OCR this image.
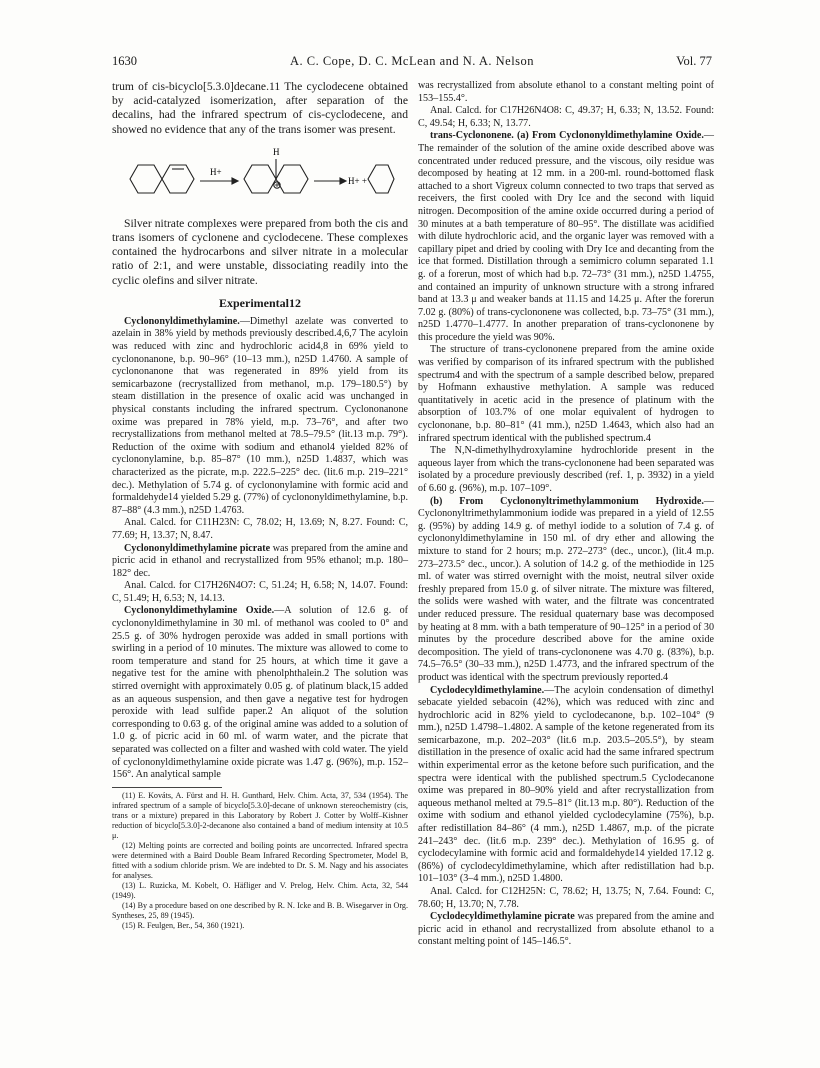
1630	A. C. Cope, D. C. McLean and N. A. Nelson	Vol. 77

trum of cis-bicyclo[5.3.0]decane.11 The cyclodecene obtained by acid-catalyzed isomerization, after separation of the decalins, had the infrared spectrum of cis-cyclodecene, and showed no evidence that any of the trans isomer was present.

H+
H
H+ +

Silver nitrate complexes were prepared from both the cis and trans isomers of cyclonene and cyclodecene. These complexes contained the hydrocarbons and silver nitrate in a molecular ratio of 2:1, and were unstable, dissociating readily into the cyclic olefins and silver nitrate.

Experimental12

Cyclononyldimethylamine.—Dimethyl azelate was converted to azelain in 38% yield by methods previously described.4,6,7 The acyloin was reduced with zinc and hydrochloric acid4,8 in 69% yield to cyclononanone, b.p. 90–96° (10–13 mm.), n25D 1.4760. A sample of cyclononanone that was regenerated in 89% yield from its semicarbazone (recrystallized from methanol, m.p. 179–180.5°) by steam distillation in the presence of oxalic acid was unchanged in physical constants including the infrared spectrum. Cyclononanone oxime was prepared in 78% yield, m.p. 73–76°, and after two recrystallizations from methanol melted at 78.5–79.5° (lit.13 m.p. 79°). Reduction of the oxime with sodium and ethanol4 yielded 82% of cyclononylamine, b.p. 85–87° (10 mm.), n25D 1.4837, which was characterized as the picrate, m.p. 222.5–225° dec. (lit.6 m.p. 219–221° dec.). Methylation of 5.74 g. of cyclononylamine with formic acid and formaldehyde14 yielded 5.29 g. (77%) of cyclononyldimethylamine, b.p. 87–88° (4.3 mm.), n25D 1.4763.

Anal. Calcd. for C11H23N: C, 78.02; H, 13.69; N, 8.27. Found: C, 77.69; H, 13.37; N, 8.47.

Cyclononyldimethylamine picrate was prepared from the amine and picric acid in ethanol and recrystallized from 95% ethanol; m.p. 180–182° dec.

Anal. Calcd. for C17H26N4O7: C, 51.24; H, 6.58; N, 14.07. Found: C, 51.49; H, 6.53; N, 14.13.

Cyclononyldimethylamine Oxide.—A solution of 12.6 g. of cyclononyldimethylamine in 30 ml. of methanol was cooled to 0° and 25.5 g. of 30% hydrogen peroxide was added in small portions with swirling in a period of 10 minutes. The mixture was allowed to come to room temperature and stand for 25 hours, at which time it gave a negative test for the amine with phenolphthalein.2 The solution was stirred overnight with approximately 0.05 g. of platinum black,15 added as an aqueous suspension, and then gave a negative test for hydrogen peroxide with lead sulfide paper.2 An aliquot of the solution corresponding to 0.63 g. of the original amine was added to a solution of 1.0 g. of picric acid in 60 ml. of warm water, and the picrate that separated was collected on a filter and washed with cold water. The yield of cyclononyldimethylamine oxide picrate was 1.47 g. (96%), m.p. 152–156°. An analytical sample

(11) E. Kováts, A. Fürst and H. H. Gunthard, Helv. Chim. Acta, 37, 534 (1954). The infrared spectrum of a sample of bicyclo[5.3.0]-decane of unknown stereochemistry (cis, trans or a mixture) prepared in this Laboratory by Robert J. Cotter by Wolff–Kishner reduction of bicyclo[5.3.0]-2-decanone also contained a band of medium intensity at 10.5 μ.

(12) Melting points are corrected and boiling points are uncorrected. Infrared spectra were determined with a Baird Double Beam Infrared Recording Spectrometer, Model B, fitted with a sodium chloride prism. We are indebted to Dr. S. M. Nagy and his associates for analyses.

(13) L. Ruzicka, M. Kobelt, O. Häfliger and V. Prelog, Helv. Chim. Acta, 32, 544 (1949).

(14) By a procedure based on one described by R. N. Icke and B. B. Wisegarver in Org. Syntheses, 25, 89 (1945).

(15) R. Feulgen, Ber., 54, 360 (1921).

was recrystallized from absolute ethanol to a constant melting point of 153–155.4°.

Anal. Calcd. for C17H26N4O8: C, 49.37; H, 6.33; N, 13.52. Found: C, 49.54; H, 6.33; N, 13.77.

trans-Cyclononene. (a) From Cyclononyldimethylamine Oxide.—The remainder of the solution of the amine oxide described above was concentrated under reduced pressure, and the viscous, oily residue was decomposed by heating at 12 mm. in a 200-ml. round-bottomed flask attached to a short Vigreux column connected to two traps that served as receivers, the first cooled with Dry Ice and the second with liquid nitrogen. Decomposition of the amine oxide occurred during a period of 30 minutes at a bath temperature of 80–95°. The distillate was acidified with dilute hydrochloric acid, and the organic layer was removed with a capillary pipet and dried by cooling with Dry Ice and decanting from the ice that formed. Distillation through a semimicro column separated 1.1 g. of a forerun, most of which had b.p. 72–73° (31 mm.), n25D 1.4755, and contained an impurity of unknown structure with a strong infrared band at 13.3 μ and weaker bands at 11.15 and 14.25 μ. After the forerun 7.02 g. (80%) of trans-cyclononene was collected, b.p. 73–75° (31 mm.), n25D 1.4770–1.4777. In another preparation of trans-cyclononene by this procedure the yield was 90%.

The structure of trans-cyclononene prepared from the amine oxide was verified by comparison of its infrared spectrum with the published spectrum4 and with the spectrum of a sample described below, prepared by Hofmann exhaustive methylation. A sample was reduced quantitatively in acetic acid in the presence of platinum with the absorption of 103.7% of one molar equivalent of hydrogen to cyclononane, b.p. 80–81° (41 mm.), n25D 1.4643, which also had an infrared spectrum identical with the published spectrum.4

The N,N-dimethylhydroxylamine hydrochloride present in the aqueous layer from which the trans-cyclononene had been separated was isolated by a procedure previously described (ref. 1, p. 3932) in a yield of 6.60 g. (96%), m.p. 107–109°.

(b) From Cyclononyltrimethylammonium Hydroxide.—Cyclononyltrimethylammonium iodide was prepared in a yield of 12.55 g. (95%) by adding 14.9 g. of methyl iodide to a solution of 7.4 g. of cyclononyldimethylamine in 150 ml. of dry ether and allowing the mixture to stand for 2 hours; m.p. 272–273° (dec., uncor.), (lit.4 m.p. 273–273.5° dec., uncor.). A solution of 14.2 g. of the methiodide in 125 ml. of water was stirred overnight with the moist, neutral silver oxide freshly prepared from 15.0 g. of silver nitrate. The mixture was filtered, the solids were washed with water, and the filtrate was concentrated under reduced pressure. The residual quaternary base was decomposed by heating at 8 mm. with a bath temperature of 90–125° in a period of 30 minutes by the procedure described above for the amine oxide decomposition. The yield of trans-cyclononene was 4.70 g. (83%), b.p. 74.5–76.5° (30–33 mm.), n25D 1.4773, and the infrared spectrum of the product was identical with the spectrum previously reported.4

Cyclodecyldimethylamine.—The acyloin condensation of dimethyl sebacate yielded sebacoin (42%), which was reduced with zinc and hydrochloric acid in 82% yield to cyclodecanone, b.p. 102–104° (9 mm.), n25D 1.4798–1.4802. A sample of the ketone regenerated from its semicarbazone, m.p. 202–203° (lit.6 m.p. 203.5–205.5°), by steam distillation in the presence of oxalic acid had the same infrared spectrum within experimental error as the ketone before such purification, and the spectra were identical with the published spectrum.5 Cyclodecanone oxime was prepared in 80–90% yield and after recrystallization from aqueous methanol melted at 79.5–81° (lit.13 m.p. 80°). Reduction of the oxime with sodium and ethanol yielded cyclodecylamine (75%), b.p. after redistillation 84–86° (4 mm.), n25D 1.4867, m.p. of the picrate 241–243° dec. (lit.6 m.p. 239° dec.). Methylation of 16.95 g. of cyclodecylamine with formic acid and formaldehyde14 yielded 17.12 g. (86%) of cyclodecyldimethylamine, which after redistillation had b.p. 101–103° (3–4 mm.), n25D 1.4800.

Anal. Calcd. for C12H25N: C, 78.62; H, 13.75; N, 7.64. Found: C, 78.60; H, 13.70; N, 7.78.

Cyclodecyldimethylamine picrate was prepared from the amine and picric acid in ethanol and recrystallized from absolute ethanol to a constant melting point of 145–146.5°.
